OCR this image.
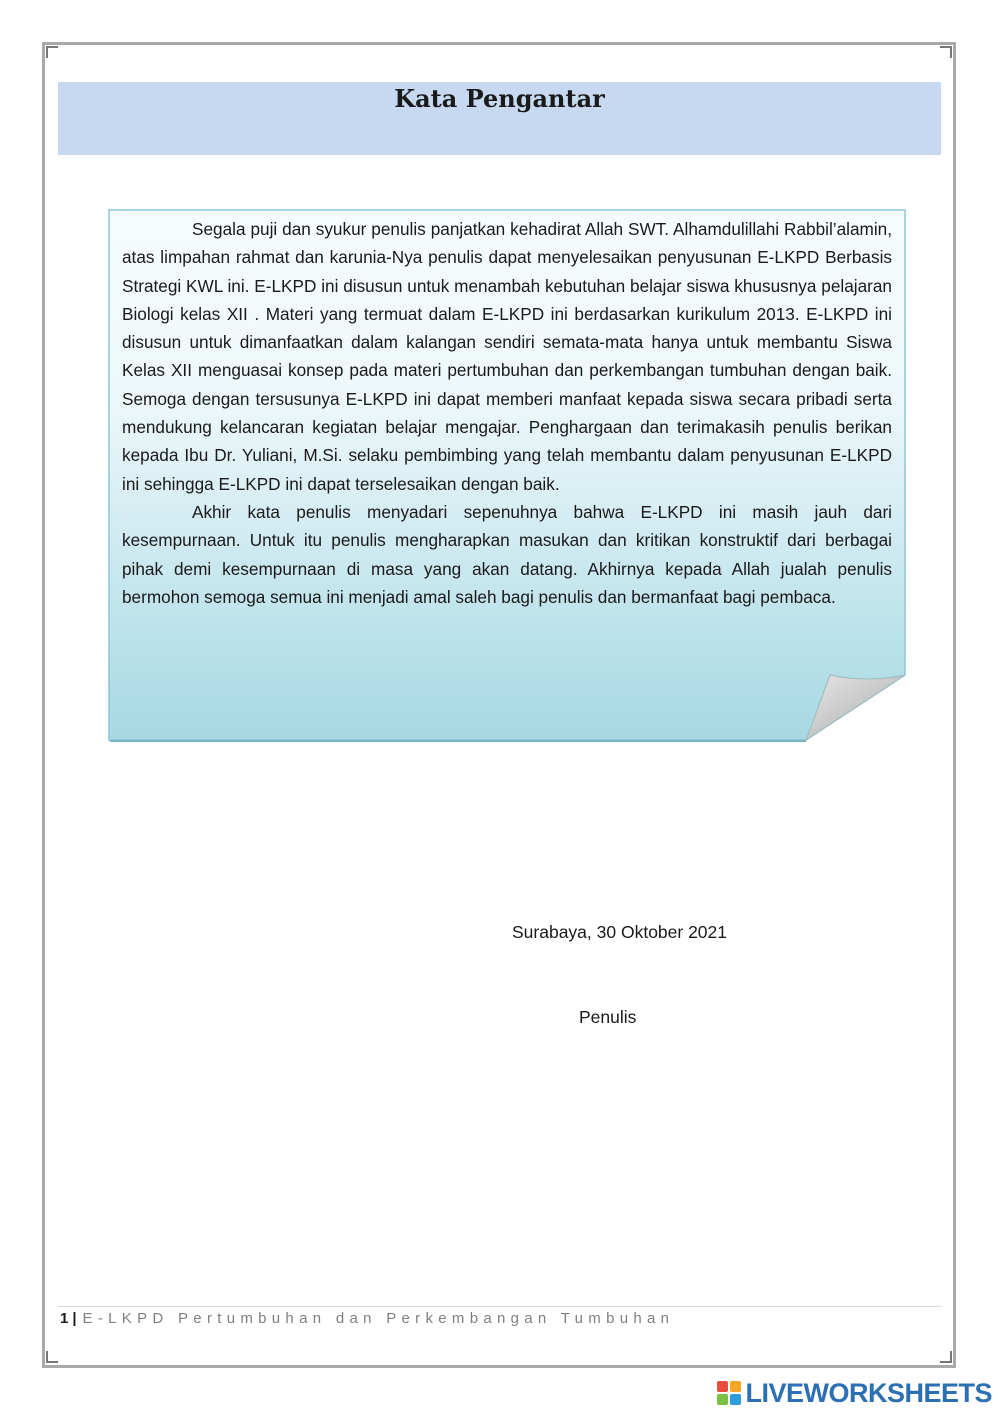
Kata Pengantar

Segala puji dan syukur penulis panjatkan kehadirat Allah SWT. Alhamdulillahi Rabbil’alamin, atas limpahan rahmat dan karunia-Nya penulis dapat menyelesaikan penyusunan E-LKPD Berbasis Strategi KWL ini. E-LKPD ini disusun untuk menambah kebutuhan belajar siswa khususnya pelajaran Biologi kelas XII . Materi yang termuat dalam E-LKPD ini berdasarkan kurikulum 2013. E-LKPD ini disusun untuk dimanfaatkan dalam kalangan sendiri semata-mata hanya untuk membantu Siswa Kelas XII menguasai konsep pada materi pertumbuhan dan perkembangan tumbuhan dengan baik. Semoga dengan tersusunya E-LKPD ini dapat memberi manfaat kepada siswa secara pribadi serta mendukung kelancaran kegiatan belajar mengajar. Penghargaan dan terimakasih penulis berikan kepada Ibu Dr. Yuliani, M.Si. selaku pembimbing yang telah membantu dalam penyusunan E-LKPD ini sehingga E-LKPD ini dapat terselesaikan dengan baik.

Akhir kata penulis menyadari sepenuhnya bahwa E-LKPD ini masih jauh dari kesempurnaan. Untuk itu penulis mengharapkan masukan dan kritikan konstruktif dari berbagai pihak demi kesempurnaan di masa yang akan datang. Akhirnya kepada Allah jualah penulis bermohon semoga semua ini menjadi amal saleh bagi penulis dan bermanfaat bagi pembaca.

Surabaya, 30 Oktober 2021
Penulis
1 | E-LKPD Pertumbuhan dan Perkembangan Tumbuhan
LIVEWORKSHEETS
